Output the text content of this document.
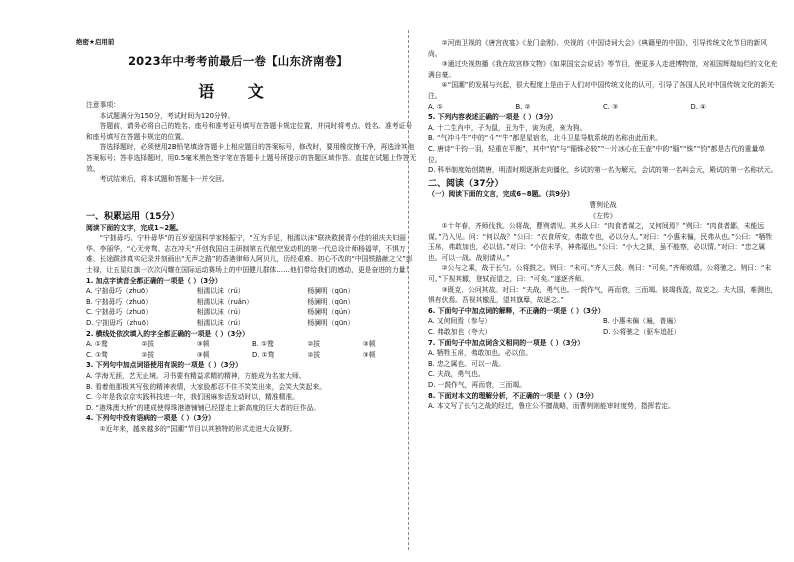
绝密★启用前
2023年中考考前最后一卷【山东济南卷】
语 文
注意事项：
本试题满分为150分，考试时间为120分钟。
答题前，请务必将自己的姓名、座号和准考证号填写在答题卡规定位置，并同时将考点、姓名、准考证号和座号填写在答题卡规定的位置。
答选择题时，必须使用2B铅笔填涂答题卡上相应题目的答案标号，修改时，要用橡皮擦干净，再选涂其他答案标号；答非选择题时，用0.5毫米黑色签字笔在答题卡上题号所提示的答题区域作答。直接在试题上作答无效。
考试结束后，将本试题和答题卡一并交回。
一、积累运用（15分）
阅读下面的文字，完成1~2题。
“宁拙毋巧、宁朴毋华”的百岁爱国科学家杨振宁，“互为手足，相濡以沫”联袂救援青小佳的祖庆夫妇丽华、李丽华，“心无旁骛、志在冲天”开创我国自主研制第五代航空发动机的第一代总设计师杨福苹，不惧万难、长途跋涉真实记录并刻画出“无声之路”的香港律师人阿贝儿，历经艰难、初心不改的“中国铁路献之父”彭士禄，让五星红旗一次次闪耀在国际运动赛场上的中国健儿群体……他们带给我们的感动，更是奋进的力量！
1. 加点字读音全都正确的一项是（ ）（3分）
A. 宁拙毋巧（zhuō）	相濡以沫（rú）	杨澜明（qūn）
B. 宁拙毋巧（zhuō）	相濡以沫（ruǎn）	杨澜明（qūn）
C. 宁拙毋巧（zhuō）	相濡以沫（rú）	杨澜明（qún）
D. 宁拙毋巧（zhuō）	相濡以沫（rú）	杨澜明（qūn）
2. 横线处依次填入的字全都正确的一项是（ ）（3分）
A. ①鹜	②拔	③顿	B. ①鹜	②拔	③顿
C. ①骛	②拔	③顿	D. ①骛	②拔	③顿
3. 下列句中加点词语使用有误的一项是（ ）（3分）
A. 学海无涯，艺无止境。习书要有精益求精的精神，方能成为名家大师。
B. 看着他那极其写张的精神表情，大家脸都忍不住不笑笑出来，会笑大笑起来。
C. 今年是我京京实践科技进一年，我们困麻参活发动时以，精准精准。
D. “港珠澳大桥”的建成使得珠港港铺铺已经提走上新高度的巨大者的巨作品。
4. 下列句中没有语病的一项是（ ）（3分）
①近年来，越来越多的“国潮”节目以其独特的形式走进大众视野。
②河南卫视的《唐宫夜宴》《龙门金刚》、央视的《中国诗词大会》《典籍里的中国》，引导传统文化节目的新风尚。
③通过央视热播《我在故宫修文物》《如果国宝会说话》等节目，使更多人走进博物馆，对祖国辉煌灿烂的文化充满自豪。
④“国潮”的发展与兴起，很大程度上是由于人们对中国传统文化的认可，引导了各国人民对中国传统文化的新关注。
A. ①	B. ②	C. ③	D. ④
5. 下列内容表述正确的一项是（ ）（3分）
A. 十二生肖中，子为鼠，丑为牛，寅为虎，亥为狗。
B. “气冲斗牛”中的“斗”“牛”都是星宿名，北斗卫星导航系统的名称由此而来。
C. 唐诗“千钧一羽，轻重在平衡”，其中“钧”与“锱铢必较”“一片冰心在玉壶”中的“锱”“铢”“钧”都是古代的重量单位。
D. 科举制度始创隋唐，明清时期逐渐走向僵化，乡试的第一名为解元，会试的第一名叫会元，殿试的第一名称状元。
二、阅读（37分）
（一）阅读下面的文言，完成6~8题。（共9分）
曹刿论战
《左传》
①十年春，齐师伐我。公将战，曹刿请见。其乡人曰：“肉食者谋之，又何间焉？”刿曰：“肉食者鄙，未能远谋。”乃入见。问：“何以战？”公曰：“衣食所安，弗敢专也，必以分人。”对曰：“小惠未徧，民弗从也。”公曰：“牺牲玉帛，弗敢加也，必以信。”对曰：“小信未孚，神弗福也。”公曰：“小大之狱，虽不能察，必以情。”对曰：“忠之属也。可以一战。战则请从。”
②公与之乘，战于长勺。公将鼓之。刿曰：“未可。”齐人三鼓。刿曰：“可矣。”齐师败绩。公将驰之。刿曰：“未可。”下视其辙，登轼而望之，曰：“可矣。”遂逐齐师。
③既克，公问其故。对曰：“夫战，勇气也。一鼓作气，再而衰，三而竭。彼竭我盈，故克之。夫大国，难测也，惧有伏焉。吾视其辙乱，望其旗靡，故逐之。”
6. 下面句子中加点词的解释，不正确的一项是（ ）（3分）
A. 又何间焉（参与）	B. 小惠未徧（遍，普遍）
C. 弗敢加也（夸大）	D. 公将驰之（驱车追赶）
7. 下面句子中加点词含义相同的一项是（ ）（3分）
A. 牺牲玉帛，弗敢加也。必以信。
B. 忠之属也。可以一战。
C. 夫战，勇气也。
D. 一鼓作气，再而衰，三而竭。
8. 下面对本文的理解分析，不正确的一项是（ ）（3分）
A. 本文写了长勺之战的经过，鲁庄公不擅战略，而曹刿则能审时度势，指挥若定。
